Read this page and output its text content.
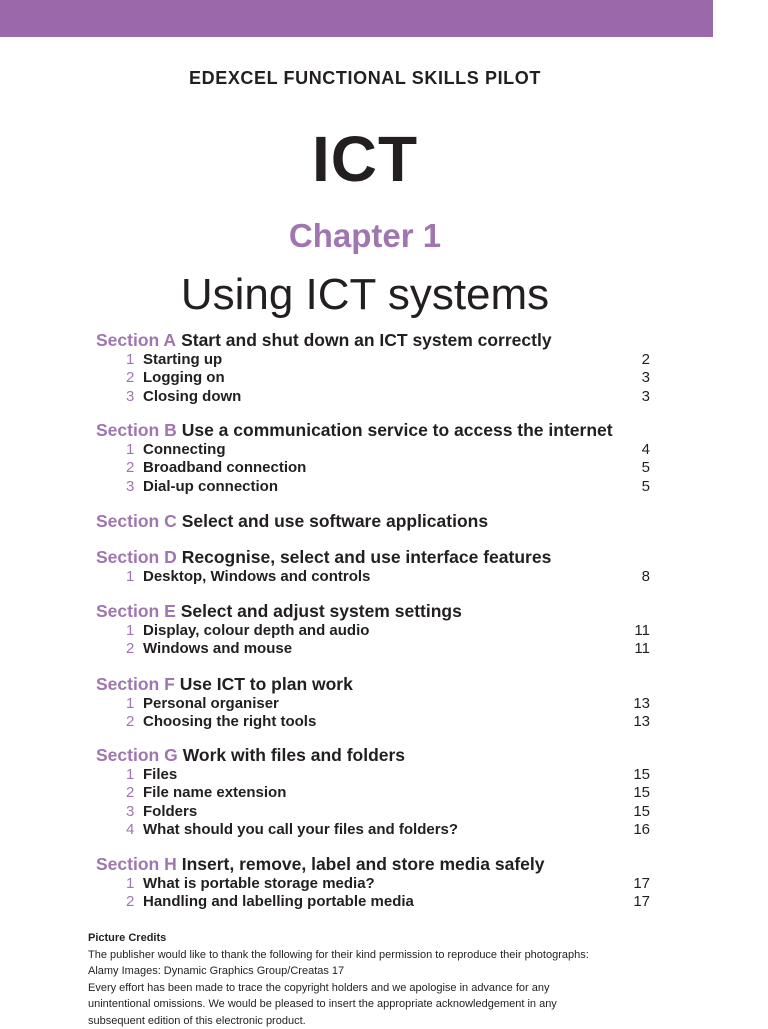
EDEXCEL FUNCTIONAL SKILLS PILOT
ICT
Chapter 1
Using ICT systems
Section A Start and shut down an ICT system correctly
1 Starting up	2
2 Logging on	3
3 Closing down	3
Section B Use a communication service to access the internet
1 Connecting	4
2 Broadband connection	5
3 Dial-up connection	5
Section C Select and use software applications
Section D Recognise, select and use interface features
1 Desktop, Windows and controls	8
Section E Select and adjust system settings
1 Display, colour depth and audio	11
2 Windows and mouse	11
Section F Use ICT to plan work
1 Personal organiser	13
2 Choosing the right tools	13
Section G Work with files and folders
1 Files	15
2 File name extension	15
3 Folders	15
4 What should you call your files and folders?	16
Section H Insert, remove, label and store media safely
1 What is portable storage media?	17
2 Handling and labelling portable media	17
Picture Credits
The publisher would like to thank the following for their kind permission to reproduce their photographs:
Alamy Images: Dynamic Graphics Group/Creatas 17
Every effort has been made to trace the copyright holders and we apologise in advance for any
unintentional omissions. We would be pleased to insert the appropriate acknowledgement in any
subsequent edition of this electronic product.
